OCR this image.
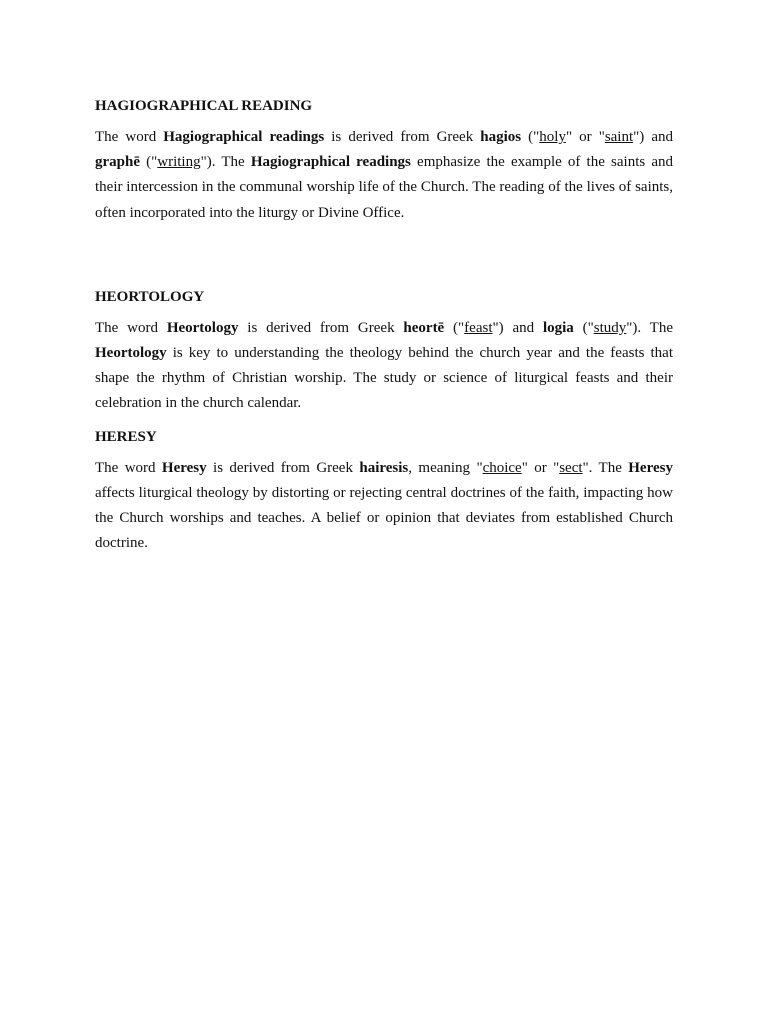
HAGIOGRAPHICAL READING

The word Hagiographical readings is derived from Greek hagios ("holy" or "saint") and graphē ("writing"). The Hagiographical readings emphasize the example of the saints and their intercession in the communal worship life of the Church. The reading of the lives of saints, often incorporated into the liturgy or Divine Office.

HEORTOLOGY

The word Heortology is derived from Greek heortē ("feast") and logia ("study"). The Heortology is key to understanding the theology behind the church year and the feasts that shape the rhythm of Christian worship. The study or science of liturgical feasts and their celebration in the church calendar.

HERESY

The word Heresy is derived from Greek hairesis, meaning "choice" or "sect". The Heresy affects liturgical theology by distorting or rejecting central doctrines of the faith, impacting how the Church worships and teaches. A belief or opinion that deviates from established Church doctrine.
